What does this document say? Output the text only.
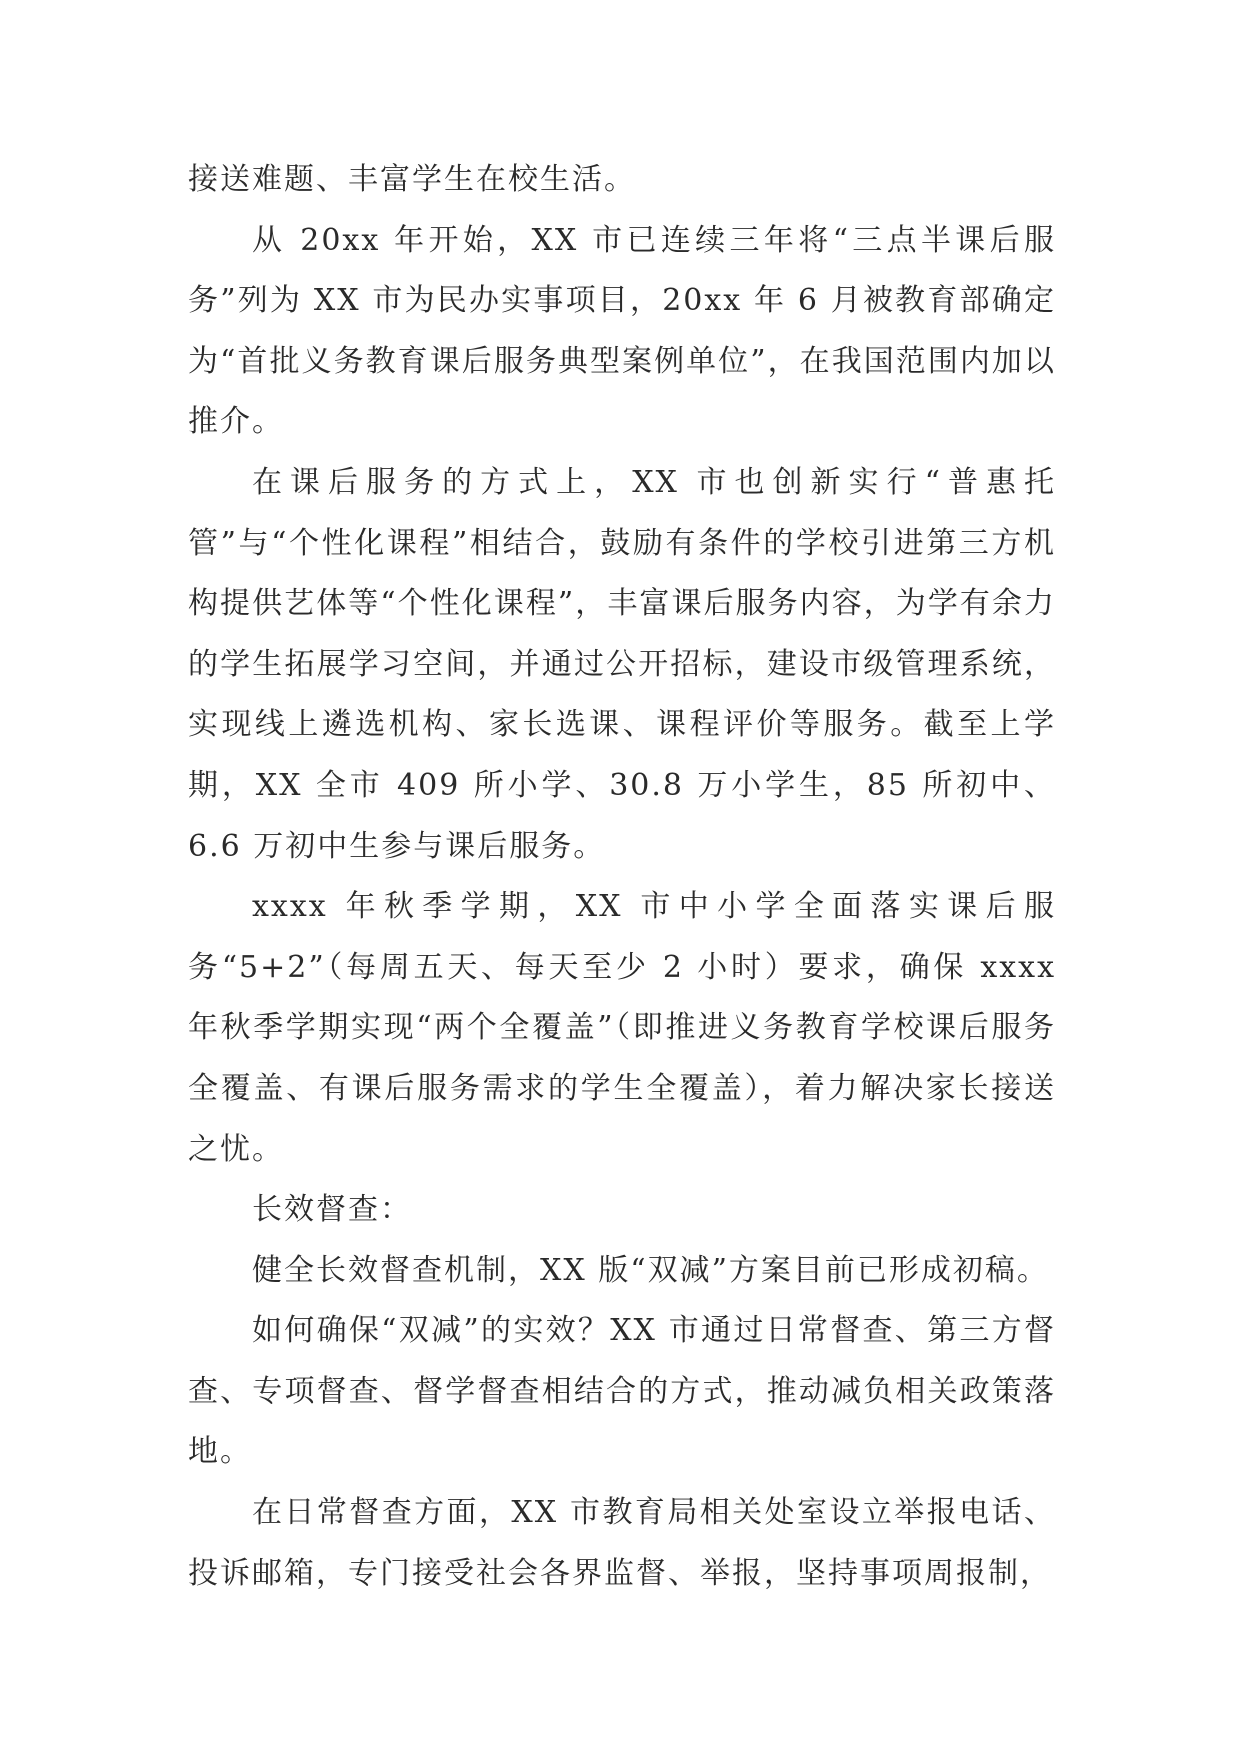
接送难题、丰富学生在校生活。

从 20xx 年开始，XX 市已连续三年将“三点半课后服务”列为 XX 市为民办实事项目，20xx 年 6 月被教育部确定为“首批义务教育课后服务典型案例单位”，在我国范围内加以推介。

在课后服务的方式上，XX 市也创新实行“普惠托管”与“个性化课程”相结合，鼓励有条件的学校引进第三方机构提供艺体等“个性化课程”，丰富课后服务内容，为学有余力的学生拓展学习空间，并通过公开招标，建设市级管理系统，实现线上遴选机构、家长选课、课程评价等服务。截至上学期，XX 全市 409 所小学、30.8 万小学生，85 所初中、6.6 万初中生参与课后服务。

xxxx 年秋季学期，XX 市中小学全面落实课后服务“5+2”（每周五天、每天至少 2 小时）要求，确保 xxxx 年秋季学期实现“两个全覆盖”（即推进义务教育学校课后服务全覆盖、有课后服务需求的学生全覆盖），着力解决家长接送之忧。

长效督查：

健全长效督查机制，XX 版“双减”方案目前已形成初稿。

如何确保“双减”的实效？XX 市通过日常督查、第三方督查、专项督查、督学督查相结合的方式，推动减负相关政策落地。

在日常督查方面，XX 市教育局相关处室设立举报电话、投诉邮箱，专门接受社会各界监督、举报，坚持事项周报制，
